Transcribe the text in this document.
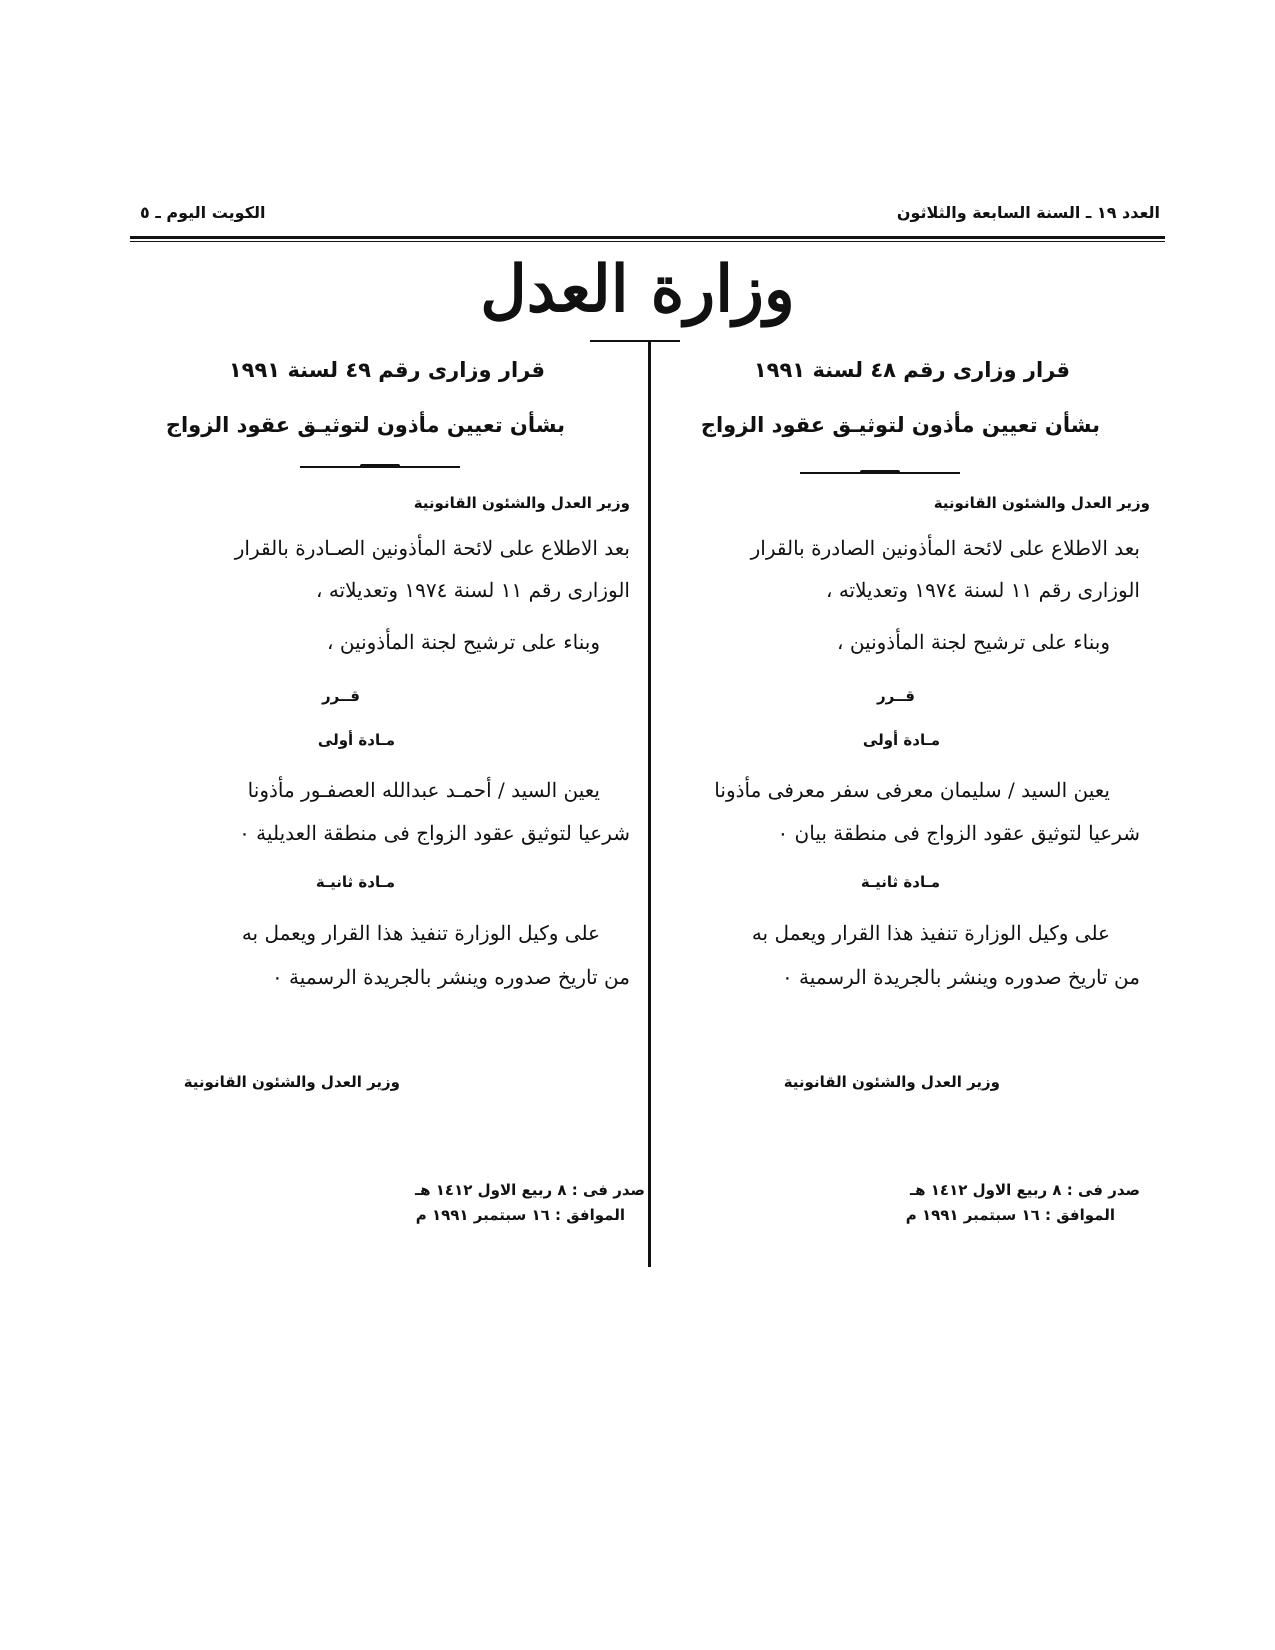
العدد ١٩ ـ السنة السابعة والثلاثون
الكويت اليوم ـ ٥
وزارة العدل
قرار وزارى رقم ٤٨ لسنة ١٩٩١
بشأن تعيين مأذون لتوثيـق عقود الزواج
وزير العدل والشئون القانونية
بعد الاطلاع على لائحة المأذونين الصادرة بالقرار
الوزارى رقم ١١ لسنة ١٩٧٤ وتعديلاته ،
وبناء على ترشيح لجنة المأذونين ،
قــرر
مـادة أولى
يعين السيد / سليمان معرفى سفر معرفى مأذونا
شرعيا لتوثيق عقود الزواج فى منطقة بيان ٠
مـادة ثانيـة
على وكيل الوزارة تنفيذ هذا القرار ويعمل به
من تاريخ صدوره وينشر بالجريدة الرسمية ٠
وزير العدل والشئون القانونية
صدر فى : ٨ ربيع الاول ١٤١٢ هـ
الموافق : ١٦ سبتمبر ١٩٩١ م
قرار وزارى رقم ٤٩ لسنة ١٩٩١
بشأن تعيين مأذون لتوثيـق عقود الزواج
وزير العدل والشئون القانونية
بعد الاطلاع على لائحة المأذونين الصـادرة بالقرار
الوزارى رقم ١١ لسنة ١٩٧٤ وتعديلاته ،
وبناء على ترشيح لجنة المأذونين ،
قــرر
مـادة أولى
يعين السيد / أحمـد عبدالله العصفـور مأذونا
شرعيا لتوثيق عقود الزواج فى منطقة العديلية ٠
مـادة ثانيـة
على وكيل الوزارة تنفيذ هذا القرار ويعمل به
من تاريخ صدوره وينشر بالجريدة الرسمية ٠
وزير العدل والشئون القانونية
صدر فى : ٨ ربيع الاول ١٤١٢ هـ
الموافق : ١٦ سبتمبر ١٩٩١ م
